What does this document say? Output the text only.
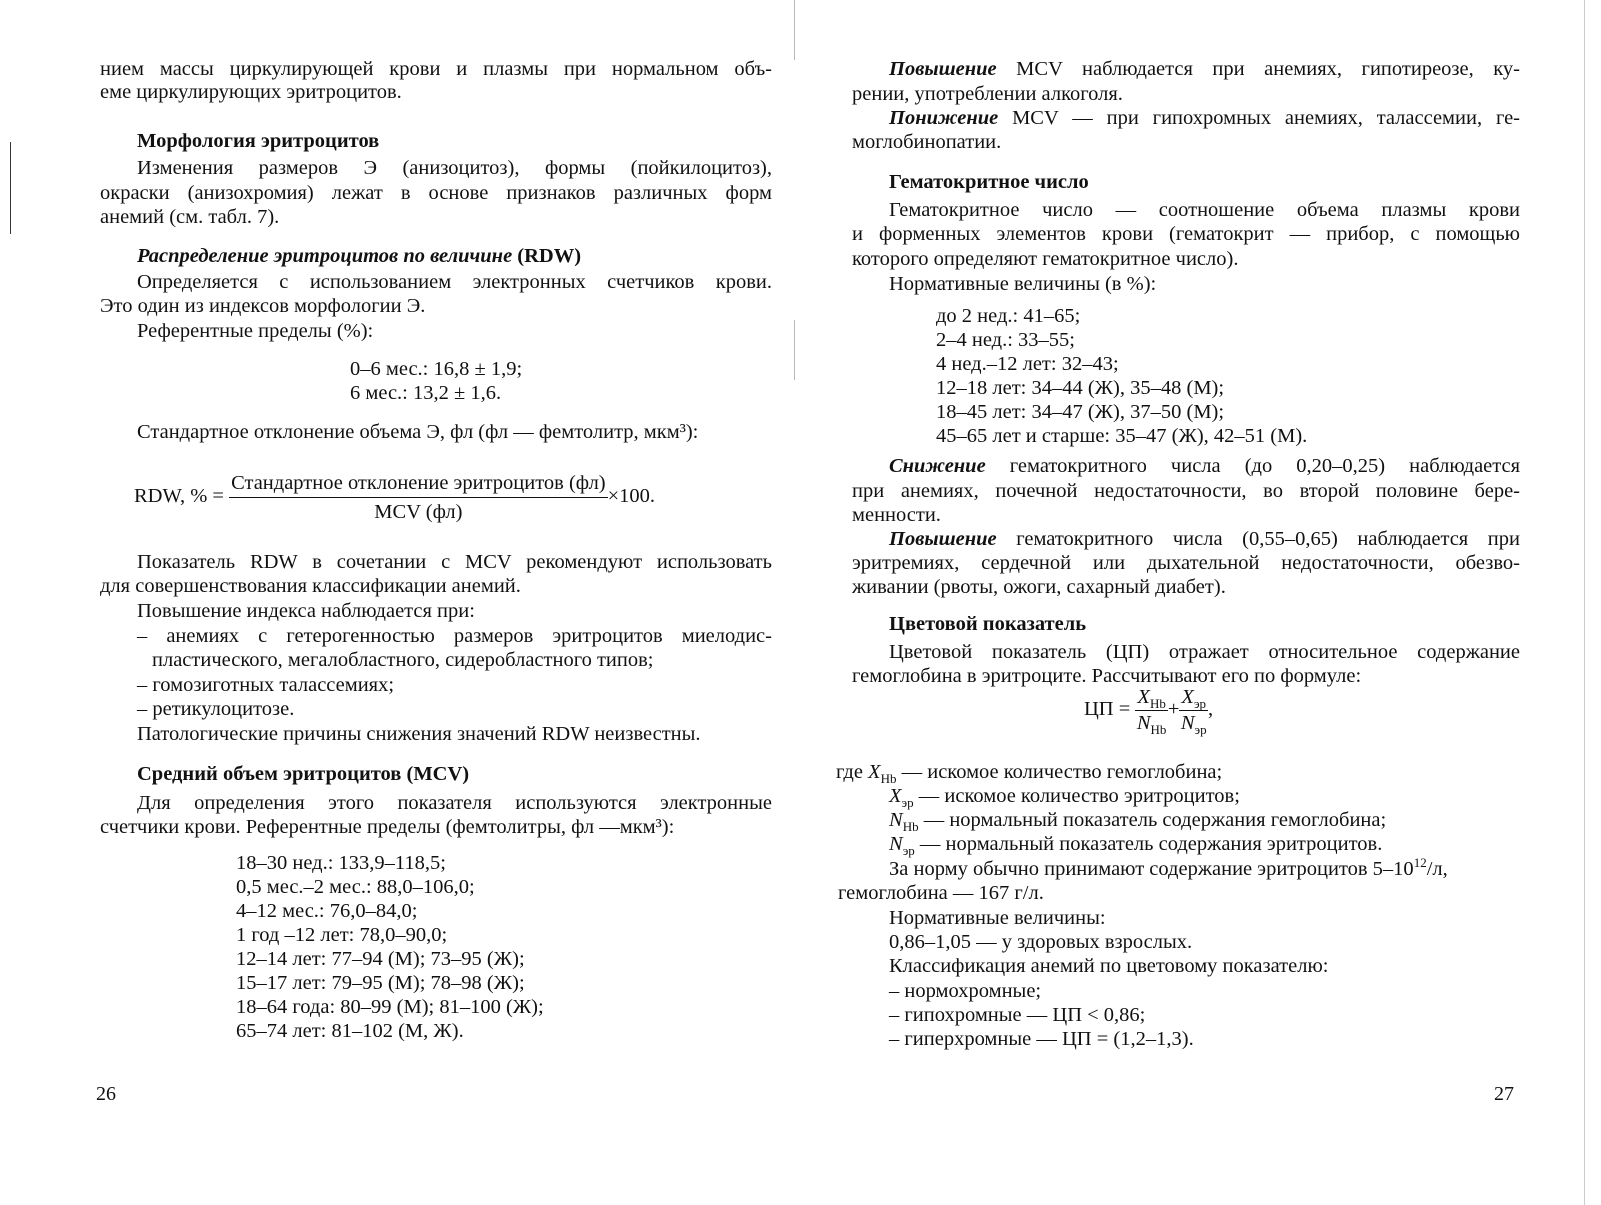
нием массы циркулирующей крови и плазмы при нормальном объ-
еме циркулирующих эритроцитов.
Морфология эритроцитов
Изменения размеров Э (анизоцитоз), формы (пойкилоцитоз),
окраски (анизохромия) лежат в основе признаков различных форм
анемий (см. табл. 7).
Распределение эритроцитов по величине (RDW)
Определяется с использованием электронных счетчиков крови.
Это один из индексов морфологии Э.
Референтные пределы (%):
0–6 мес.: 16,8 ± 1,9;
6 мес.: 13,2 ± 1,6.
Стандартное отклонение объема Э, фл (фл — фемтолитр, мкм³):
RDW, % = $\frac{\text{Стандартное отклонение эритроцитов (фл)}}{\text{MCV (фл)}} \times 100$.
Показатель RDW в сочетании с MCV рекомендуют использовать
для совершенствования классификации анемий.
Повышение индекса наблюдается при:
– анемиях с гетерогенностью размеров эритроцитов миелодис-
пластического, мегалобластного, сидеробластного типов;
– гомозиготных талассемиях;
– ретикулоцитозе.
Патологические причины снижения значений RDW неизвестны.
Средний объем эритроцитов (MCV)
Для определения этого показателя используются электронные
счетчики крови. Референтные пределы (фемтолитры, фл —мкм³):
18–30 нед.: 133,9–118,5;
0,5 мес.–2 мес.: 88,0–106,0;
4–12 мес.: 76,0–84,0;
1 год –12 лет: 78,0–90,0;
12–14 лет: 77–94 (М); 73–95 (Ж);
15–17 лет: 79–95 (М); 78–98 (Ж);
18–64 года: 80–99 (М); 81–100 (Ж);
65–74 лет: 81–102 (М, Ж).
26
Повышение MCV наблюдается при анемиях, гипотиреозе, ку-
рении, употреблении алкоголя.
Понижение MCV — при гипохромных анемиях, талассемии, ге-
моглобинопатии.
Гематокритное число
Гематокритное число — соотношение объема плазмы крови
и форменных элементов крови (гематокрит — прибор, с помощью
которого определяют гематокритное число).
Нормативные величины (в %):
до 2 нед.: 41–65;
2–4 нед.: 33–55;
4 нед.–12 лет: 32–43;
12–18 лет: 34–44 (Ж), 35–48 (М);
18–45 лет: 34–47 (Ж), 37–50 (М);
45–65 лет и старше: 35–47 (Ж), 42–51 (М).
Снижение гематокритного числа (до 0,20–0,25) наблюдается
при анемиях, почечной недостаточности, во второй половине бере-
менности.
Повышение гематокритного числа (0,55–0,65) наблюдается при
эритремиях, сердечной или дыхательной недостаточности, обезво-
живании (рвоты, ожоги, сахарный диабет).
Цветовой показатель
Цветовой показатель (ЦП) отражает относительное содержание
гемоглобина в эритроците. Рассчитывают его по формуле:
ЦП = $\frac{X_{Hb}}{N_{Hb}} + \frac{X_{эр}}{N_{эр}}$ ,
где $X_{Hb}$ — искомое количество гемоглобина;
$X_{эр}$ — искомое количество эритроцитов;
$N_{Hb}$ — нормальный показатель содержания гемоглобина;
$N_{эр}$ — нормальный показатель содержания эритроцитов.
За норму обычно принимают содержание эритроцитов $5-10^{12}/л$,
гемоглобина — 167 г/л.
Нормативные величины:
0,86–1,05 — у здоровых взрослых.
Классификация анемий по цветовому показателю:
– нормохромные;
– гипохромные — ЦП < 0,86;
– гиперхромные — ЦП = (1,2–1,3).
27
